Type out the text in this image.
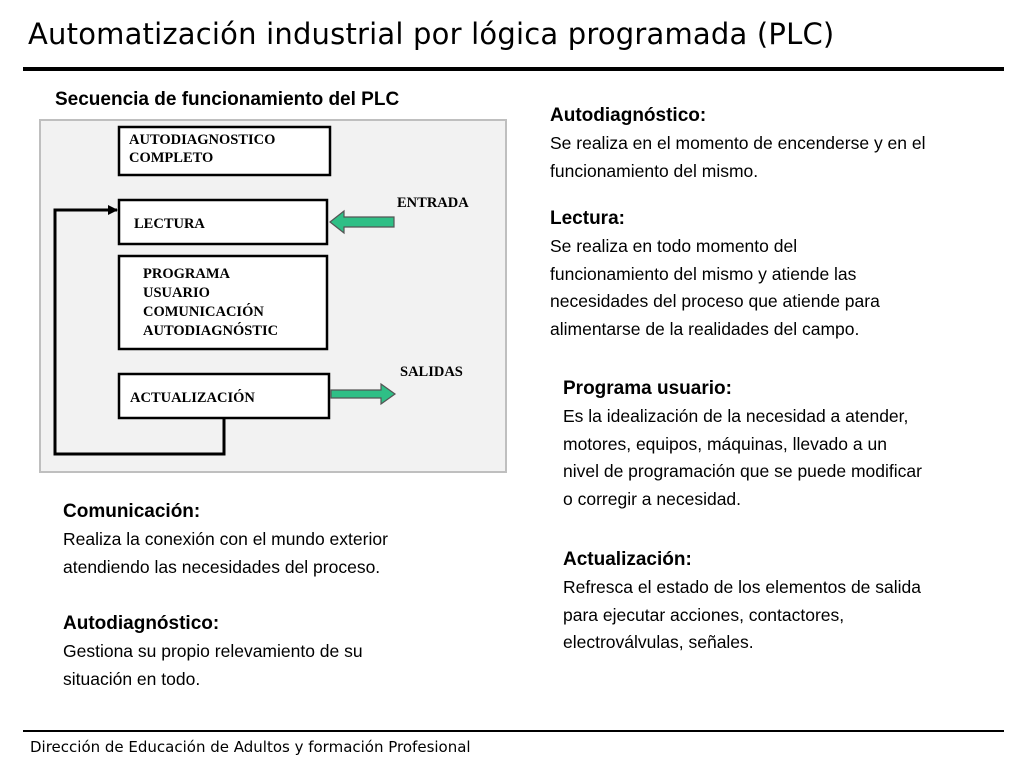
Automatización industrial por lógica programada (PLC)
Secuencia de funcionamiento del PLC
AUTODIAGNOSTICO COMPLETO
LECTURA
PROGRAMA USUARIO COMUNICACIÓN AUTODIAGNÓSTIC
ACTUALIZACIÓN
ENTRADA
SALIDAS
Autodiagnóstico:
Se realiza en el momento de encenderse y en el
funcionamiento del mismo.
Lectura:
Se realiza en todo momento del
funcionamiento del mismo y atiende las
necesidades del proceso que atiende para
alimentarse de la realidades del campo.
Programa usuario:
Es la idealización de la necesidad a atender,
motores, equipos, máquinas, llevado a un
nivel de programación que se puede modificar
o corregir a necesidad.
Actualización:
Refresca el estado de los elementos de salida
para ejecutar acciones, contactores,
electroválvulas, señales.
Comunicación:
Realiza la conexión con el mundo exterior
atendiendo las necesidades del proceso.
Autodiagnóstico:
Gestiona su propio relevamiento de su
situación en todo.
Dirección de Educación de Adultos y formación Profesional
